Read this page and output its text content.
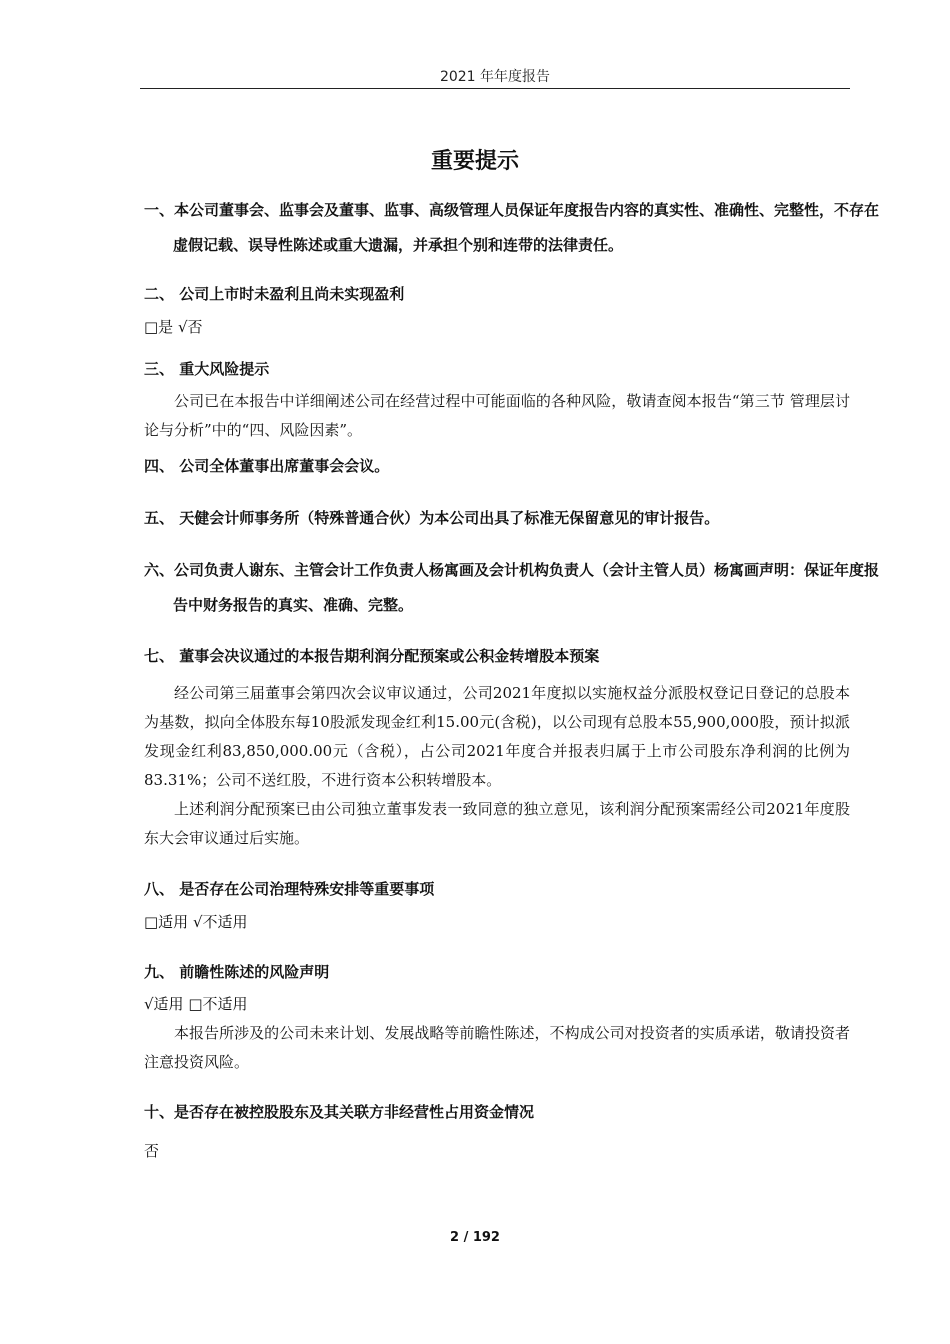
2021 年年度报告
重要提示
一、本公司董事会、监事会及董事、监事、高级管理人员保证年度报告内容的真实性、准确性、完整性，不存在虚假记载、误导性陈述或重大遗漏，并承担个别和连带的法律责任。
二、 公司上市时未盈利且尚未实现盈利
□是 √否
三、 重大风险提示
公司已在本报告中详细阐述公司在经营过程中可能面临的各种风险，敬请查阅本报告“第三节 管理层讨论与分析”中的“四、风险因素”。
四、 公司全体董事出席董事会会议。
五、 天健会计师事务所（特殊普通合伙）为本公司出具了标准无保留意见的审计报告。
六、公司负责人谢东、主管会计工作负责人杨寓画及会计机构负责人（会计主管人员）杨寓画声明：保证年度报告中财务报告的真实、准确、完整。
七、 董事会决议通过的本报告期利润分配预案或公积金转增股本预案
经公司第三届董事会第四次会议审议通过，公司2021年度拟以实施权益分派股权登记日登记的总股本为基数，拟向全体股东每10股派发现金红利15.00元(含税)，以公司现有总股本55,900,000股，预计拟派发现金红利83,850,000.00元（含税），占公司2021年度合并报表归属于上市公司股东净利润的比例为83.31%；公司不送红股，不进行资本公积转增股本。
上述利润分配预案已由公司独立董事发表一致同意的独立意见，该利润分配预案需经公司2021年度股东大会审议通过后实施。
八、 是否存在公司治理特殊安排等重要事项
□适用 √不适用
九、 前瞻性陈述的风险声明
√适用 □不适用
本报告所涉及的公司未来计划、发展战略等前瞻性陈述，不构成公司对投资者的实质承诺，敬请投资者注意投资风险。
十、是否存在被控股股东及其关联方非经营性占用资金情况
否
2 / 192
